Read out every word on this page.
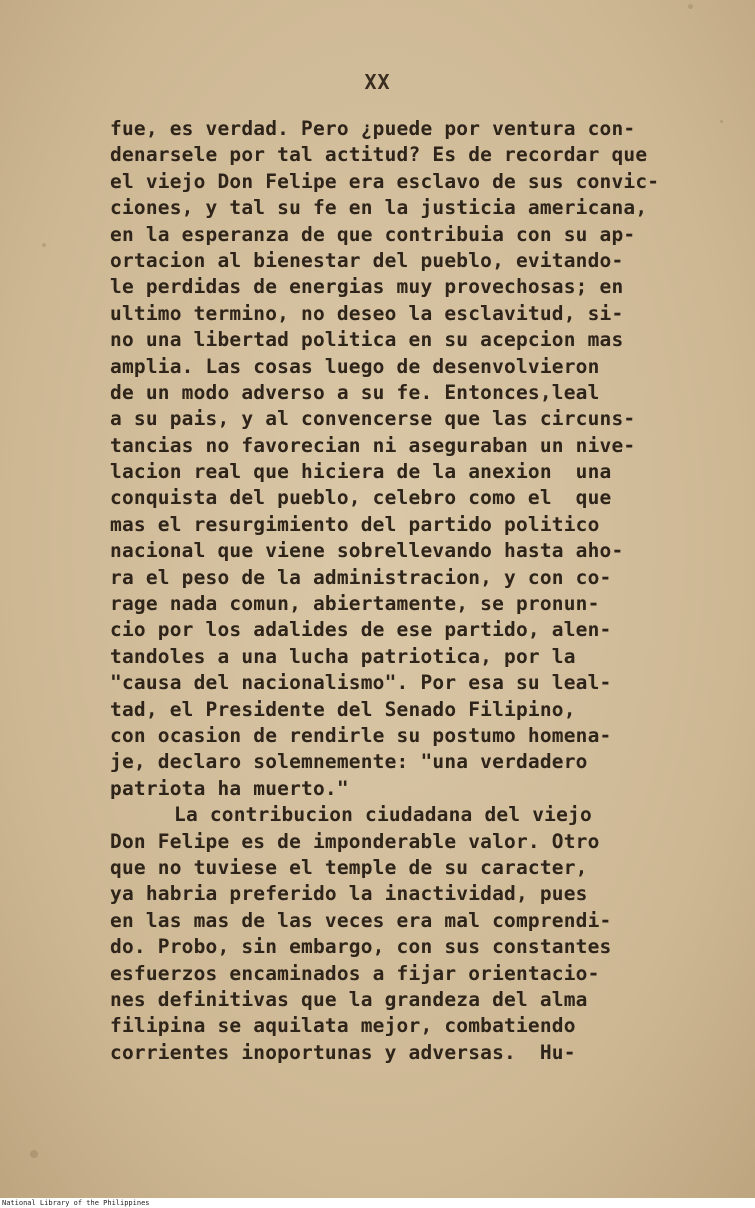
XX
fue, es verdad. Pero ¿puede por ventura con-
denarsele por tal actitud? Es de recordar que
el viejo Don Felipe era esclavo de sus convic-
ciones, y tal su fe en la justicia americana,
en la esperanza de que contribuia con su ap-
ortacion al bienestar del pueblo, evitando-
le perdidas de energias muy provechosas; en
ultimo termino, no deseo la esclavitud, si-
no una libertad politica en su acepcion mas
amplia. Las cosas luego de desenvolvieron
de un modo adverso a su fe. Entonces,leal
a su pais, y al convencerse que las circuns-
tancias no favorecian ni aseguraban un nive-
lacion real que hiciera de la anexion  una
conquista del pueblo, celebro como el  que
mas el resurgimiento del partido politico
nacional que viene sobrellevando hasta aho-
ra el peso de la administracion, y con co-
rage nada comun, abiertamente, se pronun-
cio por los adalides de ese partido, alen-
tandoles a una lucha patriotica, por la
"causa del nacionalismo". Por esa su leal-
tad, el Presidente del Senado Filipino,
con ocasion de rendirle su postumo homena-
je, declaro solemnemente: "una verdadero
patriota ha muerto."
La contribucion ciudadana del viejo
Don Felipe es de imponderable valor. Otro
que no tuviese el temple de su caracter,
ya habria preferido la inactividad, pues
en las mas de las veces era mal comprendi-
do. Probo, sin embargo, con sus constantes
esfuerzos encaminados a fijar orientacio-
nes definitivas que la grandeza del alma
filipina se aquilata mejor, combatiendo
corrientes inoportunas y adversas.  Hu-
National Library of the Philippines
